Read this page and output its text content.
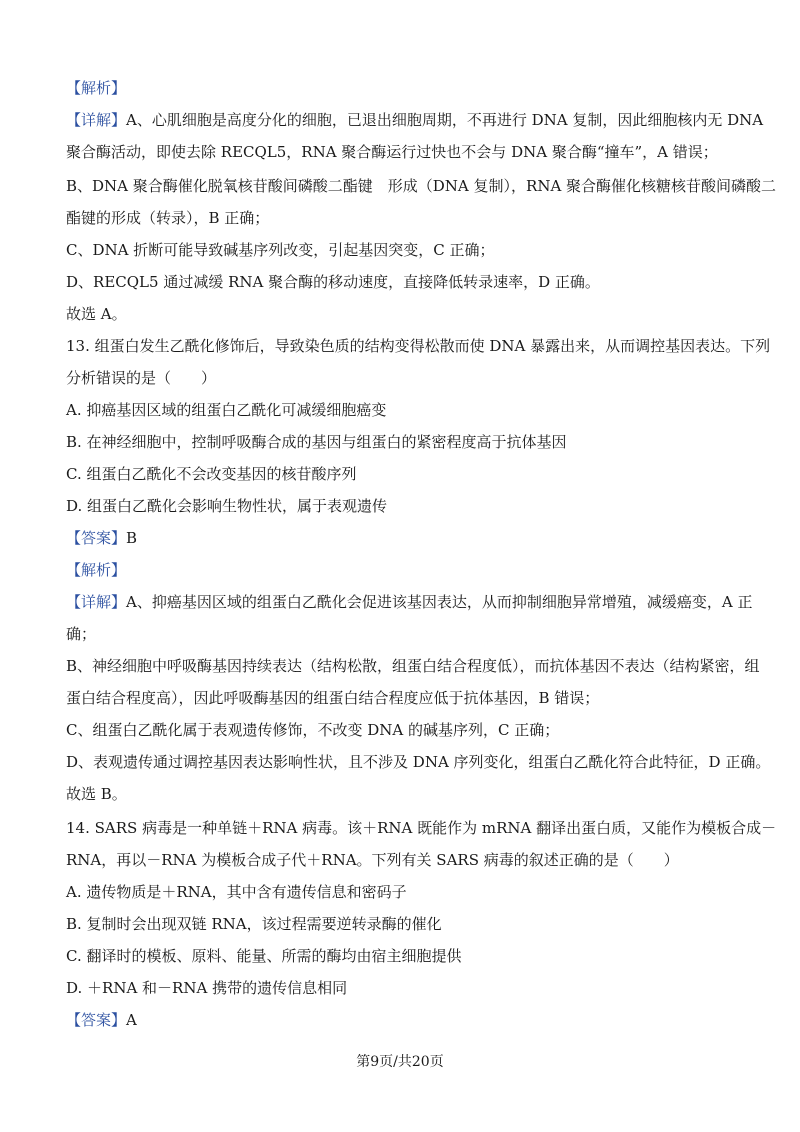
【解析】
【详解】A、心肌细胞是高度分化的细胞，已退出细胞周期，不再进行 DNA 复制，因此细胞核内无 DNA
聚合酶活动，即使去除 RECQL5，RNA 聚合酶运行过快也不会与 DNA 聚合酶“撞车”，A 错误；
B、DNA 聚合酶催化脱氧核苷酸间磷酸二酯键　形成（DNA 复制），RNA 聚合酶催化核糖核苷酸间磷酸二
酯键的形成（转录），B 正确；
C、DNA 折断可能导致碱基序列改变，引起基因突变，C 正确；
D、RECQL5 通过减缓 RNA 聚合酶的移动速度，直接降低转录速率，D 正确。
故选 A。
13. 组蛋白发生乙酰化修饰后，导致染色质的结构变得松散而使 DNA 暴露出来，从而调控基因表达。下列
分析错误的是（　　）
A. 抑癌基因区域的组蛋白乙酰化可减缓细胞癌变
B. 在神经细胞中，控制呼吸酶合成的基因与组蛋白的紧密程度高于抗体基因
C. 组蛋白乙酰化不会改变基因的核苷酸序列
D. 组蛋白乙酰化会影响生物性状，属于表观遗传
【答案】B
【解析】
【详解】A、抑癌基因区域的组蛋白乙酰化会促进该基因表达，从而抑制细胞异常增殖，减缓癌变，A 正
确；
B、神经细胞中呼吸酶基因持续表达（结构松散，组蛋白结合程度低），而抗体基因不表达（结构紧密，组
蛋白结合程度高），因此呼吸酶基因的组蛋白结合程度应低于抗体基因，B 错误；
C、组蛋白乙酰化属于表观遗传修饰，不改变 DNA 的碱基序列，C 正确；
D、表观遗传通过调控基因表达影响性状，且不涉及 DNA 序列变化，组蛋白乙酰化符合此特征，D 正确。
故选 B。
14. SARS 病毒是一种单链＋RNA 病毒。该＋RNA 既能作为 mRNA 翻译出蛋白质，又能作为模板合成－
RNA，再以－RNA 为模板合成子代＋RNA。下列有关 SARS 病毒的叙述正确的是（　　）
A. 遗传物质是＋RNA，其中含有遗传信息和密码子
B. 复制时会出现双链 RNA，该过程需要逆转录酶的催化
C. 翻译时的模板、原料、能量、所需的酶均由宿主细胞提供
D. ＋RNA 和－RNA 携带的遗传信息相同
【答案】A
第9页/共20页
